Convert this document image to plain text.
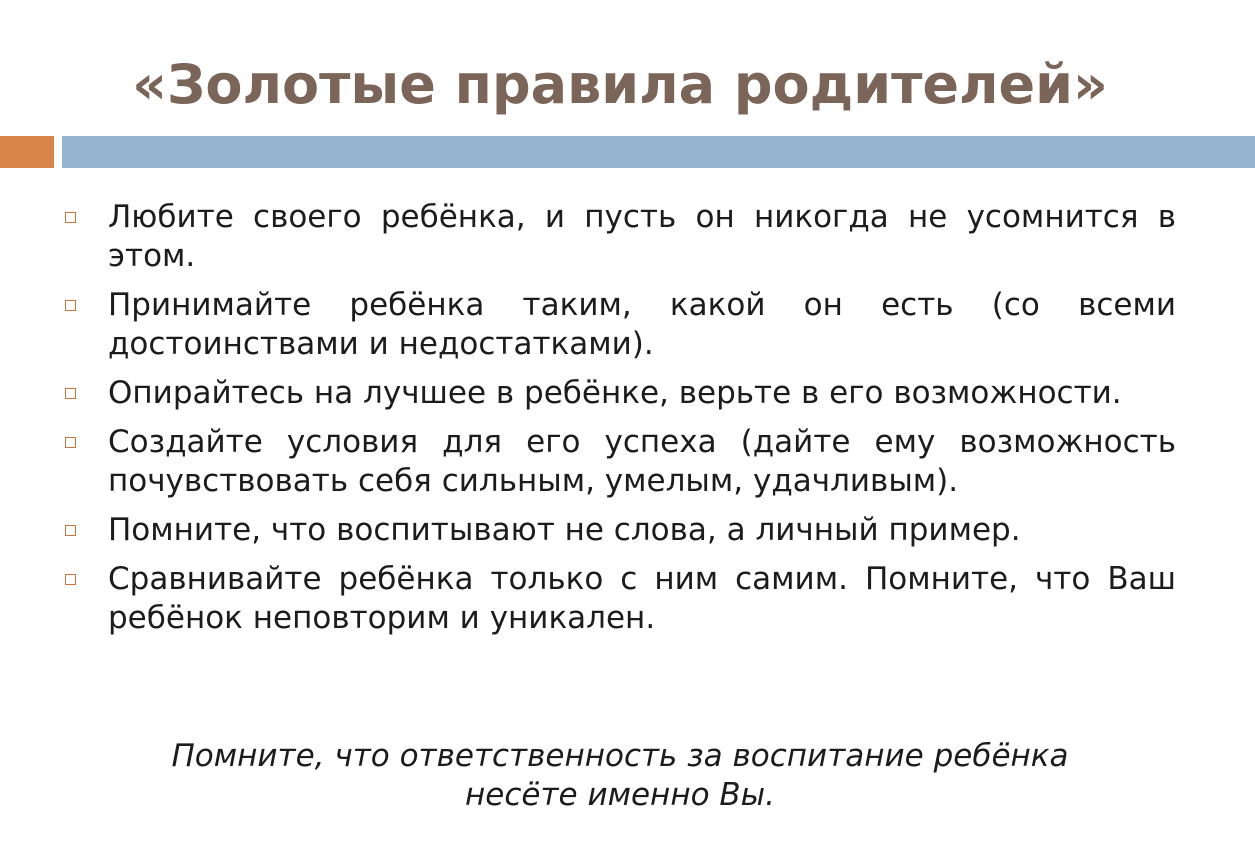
«Золотые правила родителей»
Любите своего ребёнка, и пусть он никогда не усомнится в этом.
Принимайте ребёнка таким, какой он есть (со всеми достоинствами и недостатками).
Опирайтесь на лучшее в ребёнке, верьте в его возможности.
Создайте условия для его успеха (дайте ему возможность почувствовать себя сильным, умелым, удачливым).
Помните, что воспитывают не слова, а личный пример.
Сравнивайте ребёнка только с ним самим. Помните, что Ваш ребёнок неповторим и уникален.
Помните, что ответственность за воспитание ребёнка
несёте именно Вы.
